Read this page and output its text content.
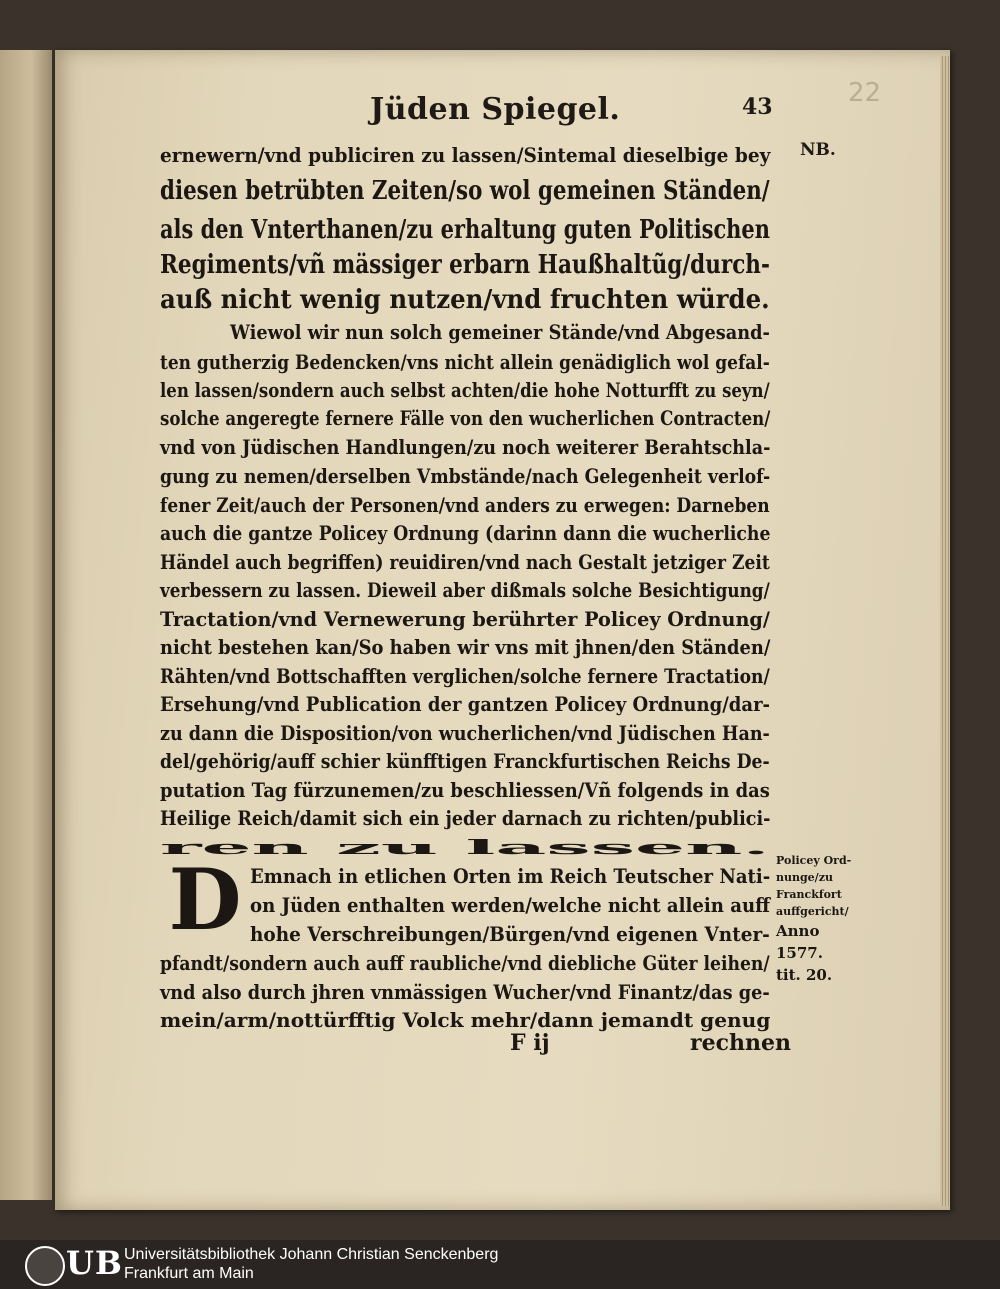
Jüden Spiegel.	43	22
NB.
ernewern/vnd publiciren zu lassen/Sintemal dieselbige bey
diesen betrübten Zeiten/so wol gemeinen Ständen/
als den Vnterthanen/zu erhaltung guten Politischen
Regiments/vñ mässiger erbarn Haußhaltũg/durch-
auß nicht wenig nutzen/vnd fruchten würde.
Wiewol wir nun solch gemeiner Stände/vnd Abgesand-
ten gutherzig Bedencken/vns nicht allein genädiglich wol gefal-
len lassen/sondern auch selbst achten/die hohe Notturfft zu seyn/
solche angeregte fernere Fälle von den wucherlichen Contracten/
vnd von Jüdischen Handlungen/zu noch weiterer Berahtschla-
gung zu nemen/derselben Vmbstände/nach Gelegenheit verlof-
fener Zeit/auch der Personen/vnd anders zu erwegen: Darneben
auch die gantze Policey Ordnung (darinn dann die wucherliche
Händel auch begriffen) reuidiren/vnd nach Gestalt jetziger Zeit
verbessern zu lassen. Dieweil aber dißmals solche Besichtigung/
Tractation/vnd Vernewerung berührter Policey Ordnung/
nicht bestehen kan/So haben wir vns mit jhnen/den Ständen/
Rähten/vnd Bottschafften verglichen/solche fernere Tractation/
Ersehung/vnd Publication der gantzen Policey Ordnung/dar-
zu dann die Disposition/von wucherlichen/vnd Jüdischen Han-
del/gehörig/auff schier künfftigen Franckfurtischen Reichs De-
putation Tag fürzunemen/zu beschliessen/Vñ folgends in das
Heilige Reich/damit sich ein jeder darnach zu richten/publici-
ren zu lassen.
D Emnach in etlichen Orten im Reich Teutscher Nati-
on Jüden enthalten werden/welche nicht allein auff
hohe Verschreibungen/Bürgen/vnd eigenen Vnter-
pfandt/sondern auch auff raubliche/vnd diebliche Güter leihen/
vnd also durch jhren vnmässigen Wucher/vnd Finantz/das ge-
mein/arm/nottürfftig Volck mehr/dann jemandt genug
Policey Ord-
nunge/zu
Franckfort
auffgericht/
Anno
1577.
tit. 20.
F ij	rechnen
UB Universitätsbibliothek Johann Christian Senckenberg
Frankfurt am Main
